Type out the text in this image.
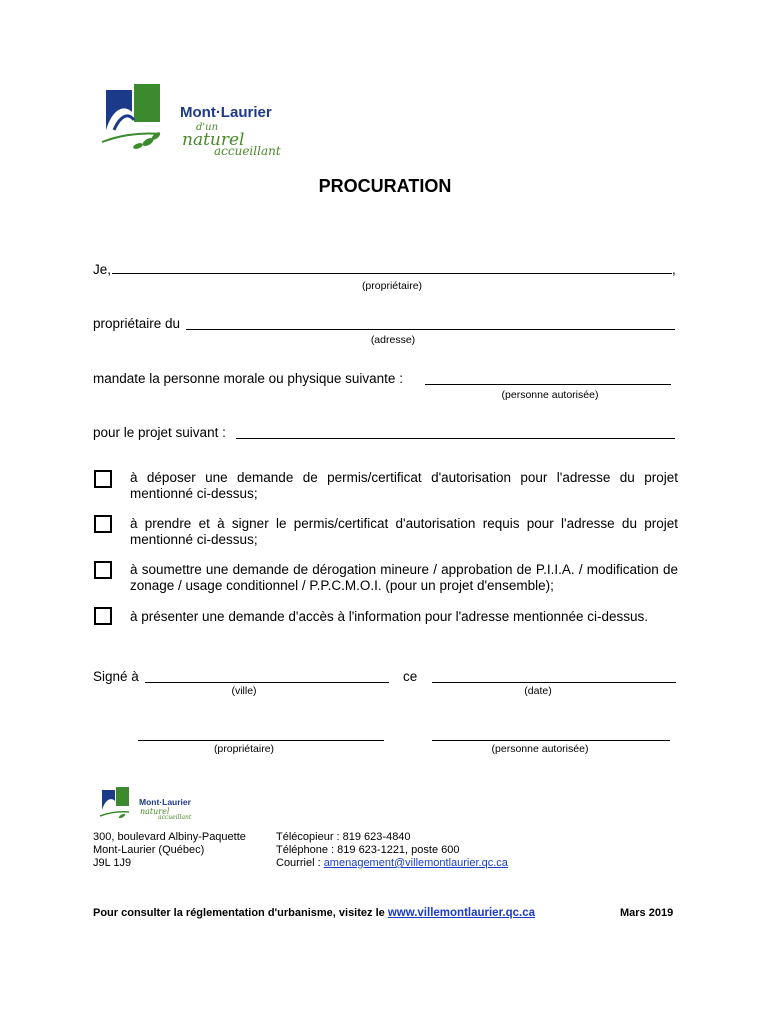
Mont·Laurier
d'un
naturel
accueillant
PROCURATION
Je,	,
(propriétaire)
propriétaire du
(adresse)
mandate la personne morale ou physique suivante :
(personne autorisée)
pour le projet suivant :
à déposer une demande de permis/certificat d'autorisation pour l'adresse du projet mentionné ci-dessus;
à prendre et à signer le permis/certificat d'autorisation requis pour l'adresse du projet mentionné ci-dessus;
à soumettre une demande de dérogation mineure / approbation de P.I.I.A. / modification de zonage / usage conditionnel / P.P.C.M.O.I. (pour un projet d'ensemble);
à présenter une demande d'accès à l'information pour l'adresse mentionnée ci-dessus.
Signé à
(ville)
ce
(date)
(propriétaire)	(personne autorisée)
Mont·Laurier
naturel
accueillant
300, boulevard Albiny-Paquette
Mont-Laurier (Québec)
J9L 1J9
Télécopieur : 819 623-4840
Téléphone : 819 623-1221, poste 600
Courriel : amenagement@villemontlaurier.qc.ca
Pour consulter la réglementation d'urbanisme, visitez le www.villemontlaurier.qc.ca	Mars 2019
